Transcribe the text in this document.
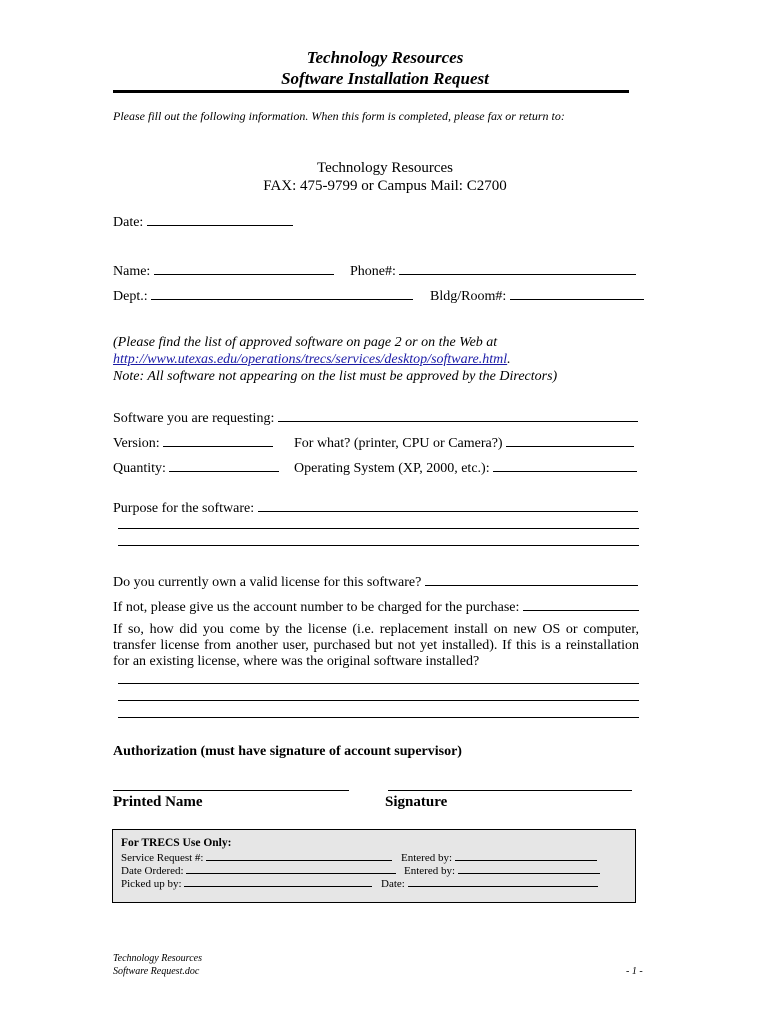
Technology Resources
Software Installation Request
Please fill out the following information. When this form is completed, please fax or return to:
Technology Resources
FAX: 475-9799 or Campus Mail: C2700
Date:
Name:	Phone#:
Dept.:	Bldg/Room#:
(Please find the list of approved software on page 2 or on the Web at
http://www.utexas.edu/operations/trecs/services/desktop/software.html.
Note: All software not appearing on the list must be approved by the Directors)
Software you are requesting:
Version:	For what? (printer, CPU or Camera?)
Quantity:	Operating System (XP, 2000, etc.):
Purpose for the software:
Do you currently own a valid license for this software?
If not, please give us the account number to be charged for the purchase:
If so, how did you come by the license (i.e. replacement install on new OS or computer, transfer license from another user, purchased but not yet installed). If this is a reinstallation for an existing license, where was the original software installed?
Authorization (must have signature of account supervisor)
Printed Name	Signature
For TRECS Use Only:
Service Request #:	Entered by:
Date Ordered:	Entered by:
Picked up by:	Date:
Technology Resources
Software Request.doc	- 1 -
